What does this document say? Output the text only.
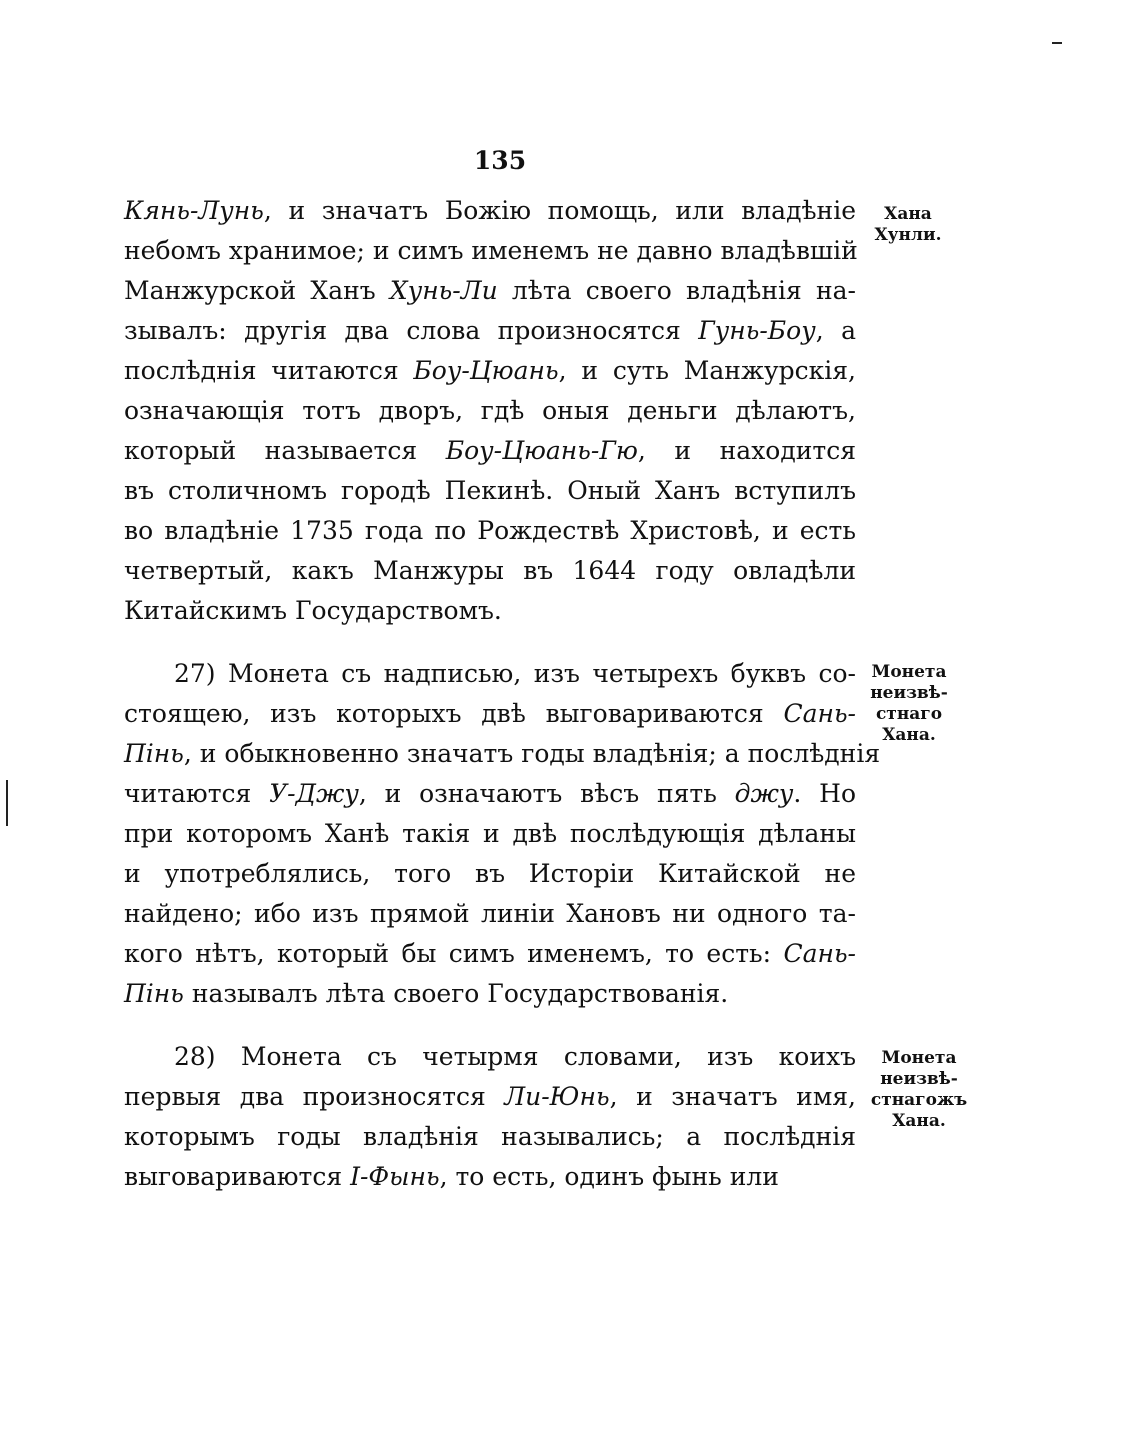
135
Кянь-Лунь, и значатъ Божію помощь, или владѣніе
небомъ хранимое; и симъ именемъ не давно владѣвшій
Манжурской Ханъ Хунь-Ли лѣта своего владѣнія на-
зывалъ: другія два слова произносятся Гунь-Боу, а
послѣднія читаются Боу-Цюань, и суть Манжурскія,
означающія тотъ дворъ, гдѣ оныя деньги дѣлаютъ,
который называется Боу-Цюань-Гю, и находится
въ столичномъ городѣ Пекинѣ. Оный Ханъ вступилъ
во владѣніе 1735 года по Рождествѣ Христовѣ, и есть
четвертый, какъ Манжуры въ 1644 году овладѣли
Китайскимъ Государствомъ.
27) Монета съ надписью, изъ четырехъ буквъ со-
стоящею, изъ которыхъ двѣ выговариваются Сань-
Пінь, и обыкновенно значатъ годы владѣнія; а послѣднія
читаются У-Джу, и означаютъ вѣсъ пять джу. Но
при которомъ Ханѣ такія и двѣ послѣдующія дѣланы
и употреблялись, того въ Исторіи Китайской не
найдено; ибо изъ прямой линіи Хановъ ни одного та-
кого нѣтъ, который бы симъ именемъ, то есть: Сань-
Пінь называлъ лѣта своего Государствованія.
28) Монета съ четырмя словами, изъ коихъ
первыя два произносятся Ли-Юнь, и значатъ имя,
которымъ годы владѣнія назывались; а послѣднія
выговариваются І-Фынь, то есть, одинъ фынь или
Хана
Хунли.
Монета
неизвѣ-
стнаго
Хана.
Монета
неизвѣ-
стнагожъ
Хана.
